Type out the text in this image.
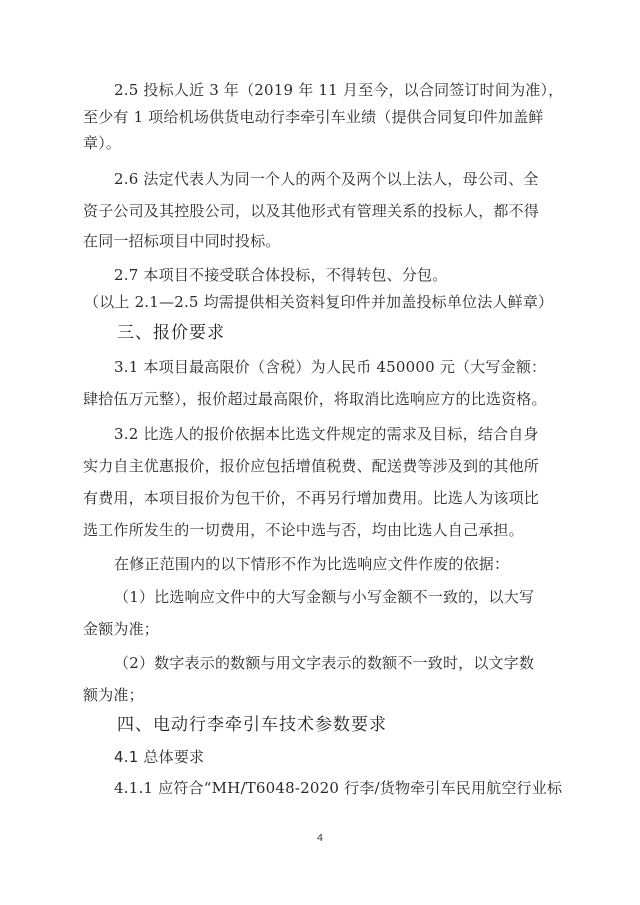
2.5 投标人近 3 年（2019 年 11 月至今，以合同签订时间为准），
至少有 1 项给机场供货电动行李牵引车业绩（提供合同复印件加盖鲜
章）。
2.6 法定代表人为同一个人的两个及两个以上法人，母公司、全
资子公司及其控股公司，以及其他形式有管理关系的投标人，都不得
在同一招标项目中同时投标。
2.7 本项目不接受联合体投标，不得转包、分包。
（以上 2.1—2.5 均需提供相关资料复印件并加盖投标单位法人鲜章）
三、报价要求
3.1 本项目最高限价（含税）为人民币 450000 元（大写金额：
肆拾伍万元整），报价超过最高限价，将取消比选响应方的比选资格。
3.2 比选人的报价依据本比选文件规定的需求及目标，结合自身
实力自主优惠报价，报价应包括增值税费、配送费等涉及到的其他所
有费用，本项目报价为包干价，不再另行增加费用。比选人为该项比
选工作所发生的一切费用，不论中选与否，均由比选人自己承担。
在修正范围内的以下情形不作为比选响应文件作废的依据：
（1）比选响应文件中的大写金额与小写金额不一致的，以大写
金额为准；
（2）数字表示的数额与用文字表示的数额不一致时，以文字数
额为准；
四、电动行李牵引车技术参数要求
4.1 总体要求
4.1.1 应符合“MH/T6048-2020 行李/货物牵引车民用航空行业标
4
